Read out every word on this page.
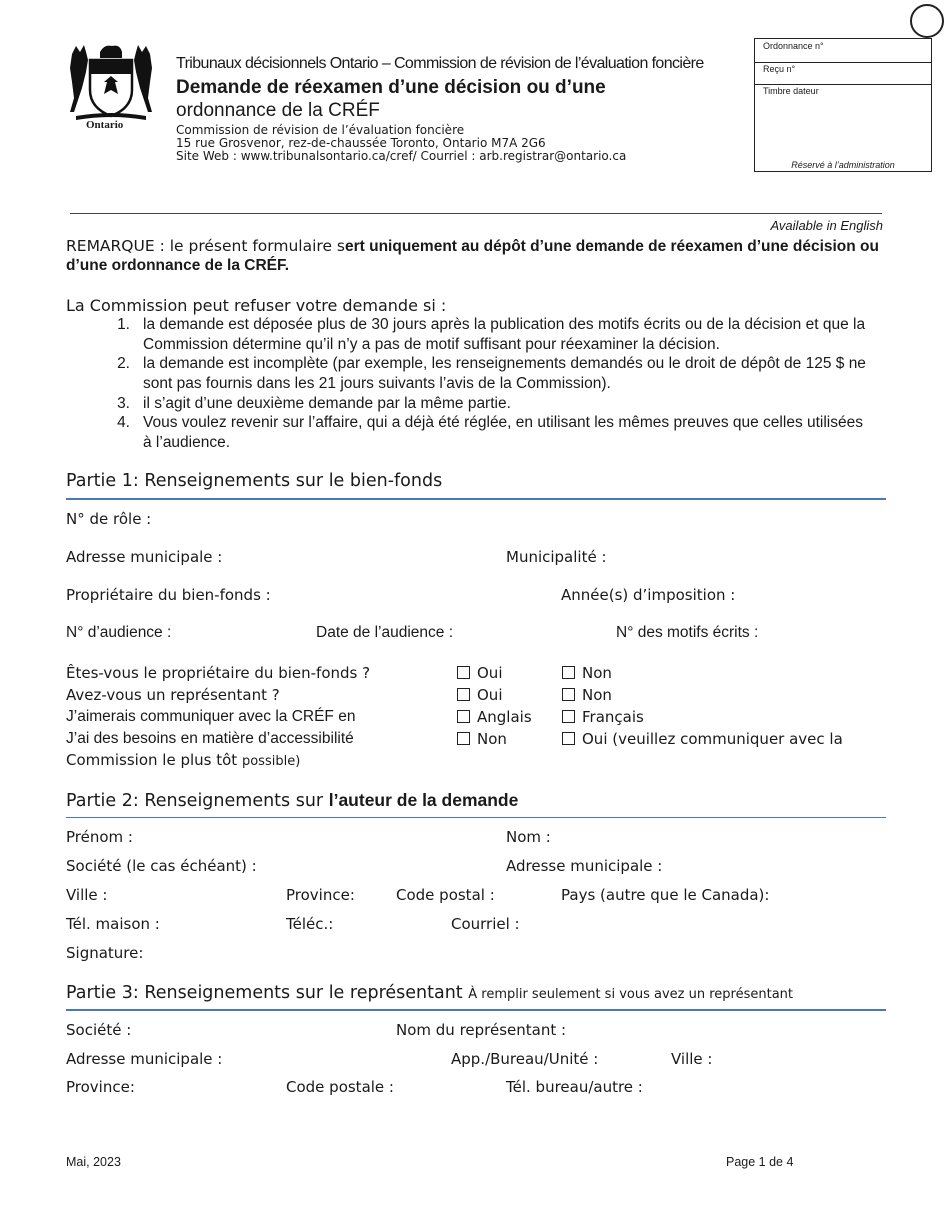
Ontario
Tribunaux décisionnels Ontario – Commission de révision de l’évaluation foncière
Demande de réexamen d’une décision ou d’une
ordonnance de la CRÉF
Commission de révision de l’évaluation foncière
15 rue Grosvenor, rez-de-chaussée Toronto, Ontario M7A 2G6
Site Web : www.tribunalsontario.ca/cref/ Courriel : arb.registrar@ontario.ca
Ordonnance n°
Reçu n°
Timbre dateur
Réservé à l’administration
Available in English
REMARQUE : le présent formulaire sert uniquement au dépôt d’une demande de réexamen d’une décision ou d’une ordonnance de la CRÉF.
La Commission peut refuser votre demande si :
1. la demande est déposée plus de 30 jours après la publication des motifs écrits ou de la décision et que la Commission détermine qu’il n’y a pas de motif suffisant pour réexaminer la décision.
2. la demande est incomplète (par exemple, les renseignements demandés ou le droit de dépôt de 125 $ ne sont pas fournis dans les 21 jours suivants l’avis de la Commission).
3. il s’agit d’une deuxième demande par la même partie.
4. Vous voulez revenir sur l’affaire, qui a déjà été réglée, en utilisant les mêmes preuves que celles utilisées à l’audience.
Partie 1: Renseignements sur le bien-fonds
N° de rôle :
Adresse municipale :	Municipalité :
Propriétaire du bien-fonds :	Année(s) d’imposition :
N° d’audience :	Date de l’audience :	N° des motifs écrits :
Êtes-vous le propriétaire du bien-fonds ?	Oui	Non
Avez-vous un représentant ?	Oui	Non
J’aimerais communiquer avec la CRÉF en	Anglais	Français
J’ai des besoins en matière d’accessibilité	Non	Oui (veuillez communiquer avec la
Commission le plus tôt possible)
Partie 2: Renseignements sur l’auteur de la demande
Prénom :	Nom :
Société (le cas échéant) :	Adresse municipale :
Ville :	Province:	Code postal :	Pays (autre que le Canada):
Tél. maison :	Téléc.:	Courriel :
Signature:
Partie 3: Renseignements sur le représentant À remplir seulement si vous avez un représentant
Société :	Nom du représentant :
Adresse municipale :	App./Bureau/Unité :	Ville :
Province:	Code postale :	Tél. bureau/autre :
Mai, 2023	Page 1 de 4
